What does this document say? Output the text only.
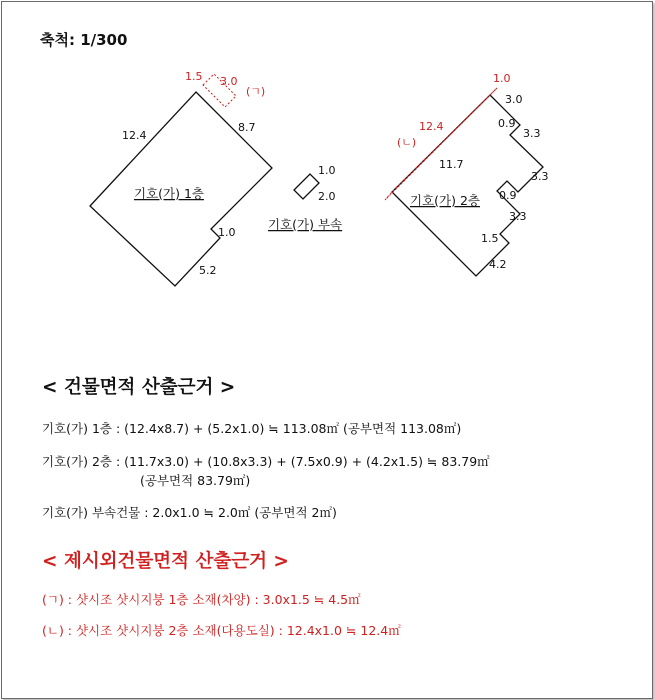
축척: 1/300
1.5 3.0
(ㄱ)
12.4
8.7
1.0
5.2
기호(가) 1층
1.0
2.0
기호(가) 부속
1.0
12.4
(ㄴ)
3.0
0.9
3.3
3.3
0.9
3.3
1.5
4.2
11.7
기호(가) 2층
< 건물면적 산출근거 >
기호(가) 1층 : (12.4x8.7) + (5.2x1.0) ≒ 113.08㎡ (공부면적 113.08㎡)
기호(가) 2층 : (11.7x3.0) + (10.8x3.3) + (7.5x0.9) + (4.2x1.5) ≒ 83.79㎡
(공부면적 83.79㎡)
기호(가) 부속건물 : 2.0x1.0 ≒ 2.0㎡ (공부면적 2㎡)
< 제시외건물면적 산출근거 >
(ㄱ) : 샷시조 샷시지붕 1층 소재(차양) : 3.0x1.5 ≒ 4.5㎡
(ㄴ) : 샷시조 샷시지붕 2층 소재(다용도실) : 12.4x1.0 ≒ 12.4㎡
